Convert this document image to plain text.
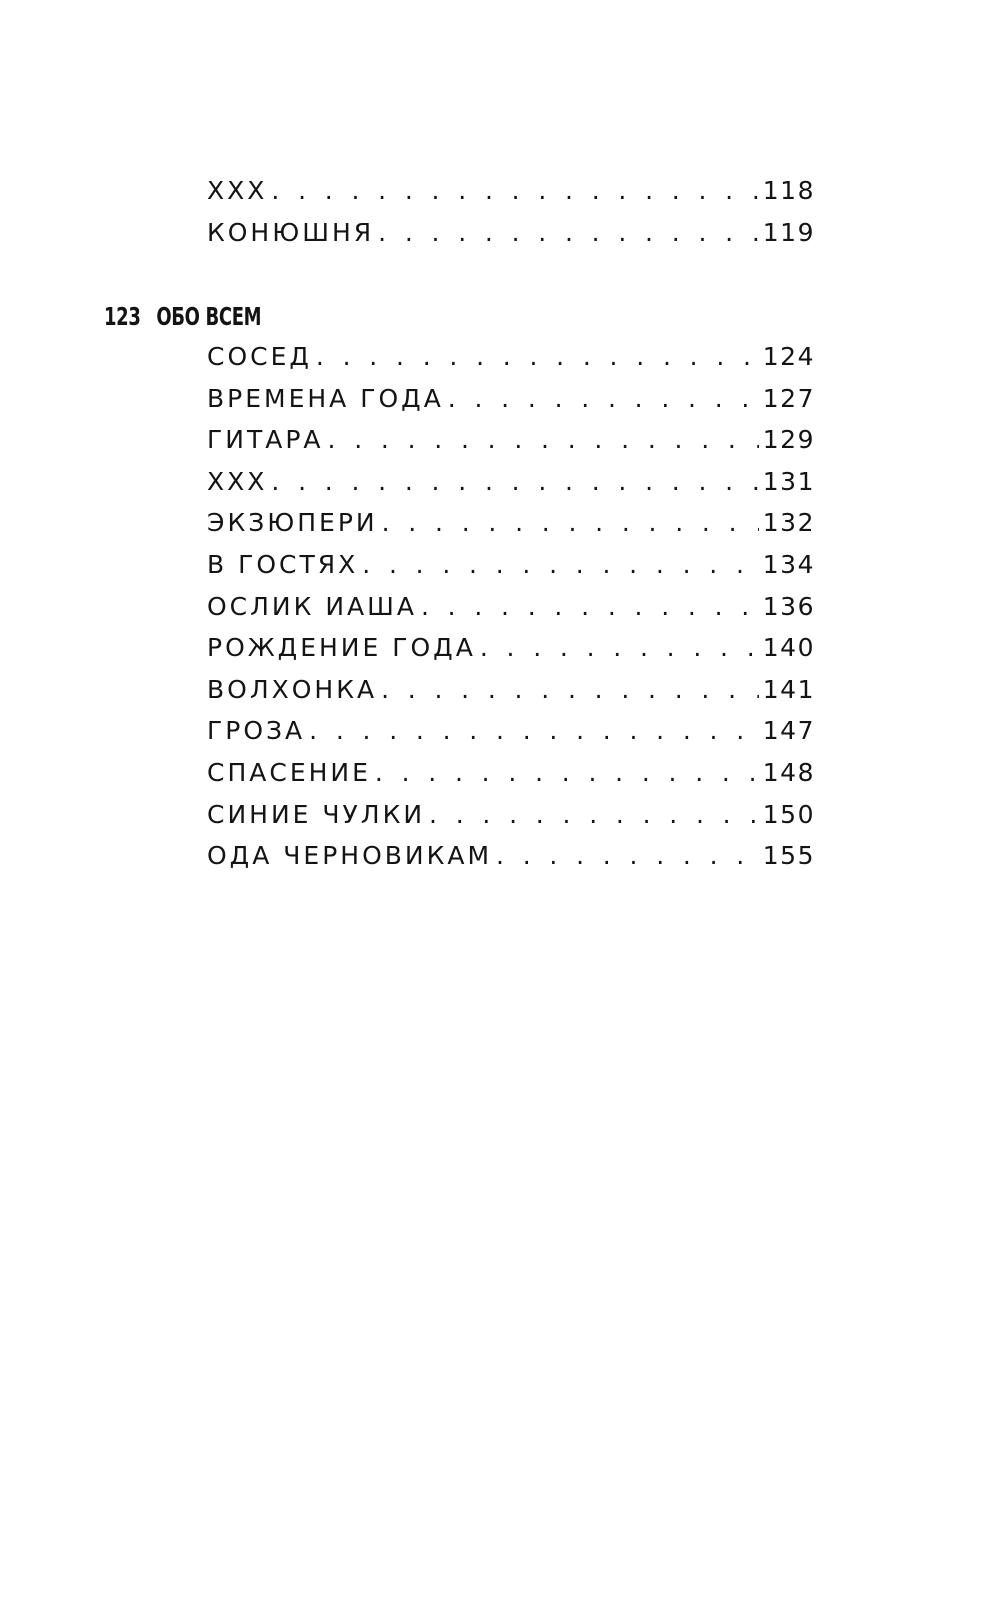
XXX . . .	118
КОНЮШНЯ . . .	119
123 ОБО ВСЕМ
СОСЕД . . .	124
ВРЕМЕНА ГОДА . . .	127
ГИТАРА . . .	129
XXX . . .	131
ЭКЗЮПЕРИ . . .	132
В ГОСТЯХ . . .	134
ОСЛИК ИАША . . .	136
РОЖДЕНИЕ ГОДА . . .	140
ВОЛХОНКА . . .	141
ГРОЗА . . .	147
СПАСЕНИЕ . . .	148
СИНИЕ ЧУЛКИ . . .	150
ОДА ЧЕРНОВИКАМ . . .	155
